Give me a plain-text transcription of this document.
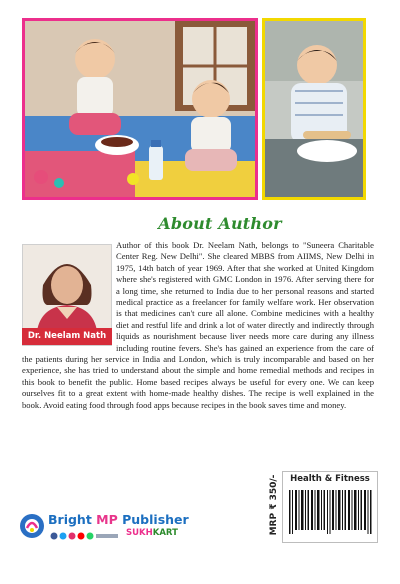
About Author
Dr. Neelam Nath

Author of this book Dr. Neelam Nath, belongs to "Suneera Charitable Center Reg. New Delhi". She cleared MBBS from AIIMS, New Delhi in 1975, 14th batch of year 1969. After that she worked at United Kingdom where she's registered with GMC London in 1976. After serving there for a long time, she returned to India due to her personal reasons and started medical practice as a freelancer for family welfare work. Her observation is that medicines can't cure all alone. Combine medicines with a healthy diet and restful life and drink a lot of water directly and indirectly through liquids as nourishment because liver needs more care during any illness including routine fevers. She's has gained an experience from the care of the patients during her service in India and London, which is truly incomparable and based on her experience, she has tried to understand about the simple and home remedial methods and recipes in this book to benefit the public. Home based recipes always be useful for every one. We can keep ourselves fit to a great extent with home-made healthy dishes. The recipe is well explained in the book. Avoid eating food through food apps because recipes in the book saves time and money.

MRP ₹ 350/-	Health & Fitness
Bright MP Publisher
SUKHKART
